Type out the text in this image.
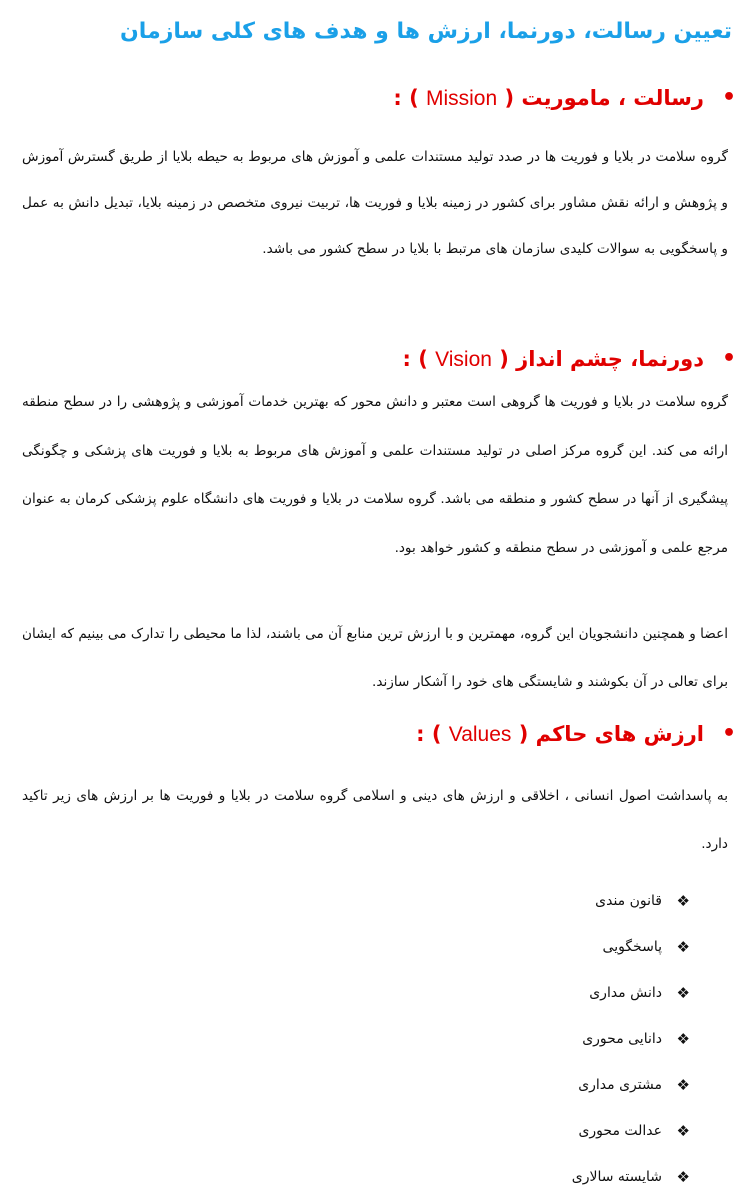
تعیین رسالت، دورنما، ارزش ها و هدف های کلی سازمان
•
رسالت ، ماموریت ( Mission ) :

گروه سلامت در بلایا و فوریت ها در صدد تولید مستندات علمی و آموزش های مربوط به حیطه بلایا از طریق گسترش آموزش و پژوهش و ارائه نقش مشاور برای کشور در زمینه بلایا و فوریت ها، تربیت نیروی متخصص در زمینه بلایا، تبدیل دانش به عمل و پاسخگویی به سوالات کلیدی سازمان های مرتبط با بلایا در سطح کشور می باشد.

•
دورنما، چشم انداز ( Vision ) :

گروه سلامت در بلایا و فوریت ها گروهی است معتبر و دانش محور که بهترین خدمات آموزشی و پژوهشی را در سطح منطقه ارائه می کند. این گروه مرکز اصلی در تولید مستندات علمی و آموزش های مربوط به بلایا و فوریت های پزشکی و چگونگی پیشگیری از آنها در سطح کشور و منطقه می باشد. گروه سلامت در بلایا و فوریت های دانشگاه علوم پزشکی کرمان به عنوان مرجع علمی و آموزشی در سطح منطقه و کشور خواهد بود.

اعضا و همچنین دانشجویان این گروه، مهمترین و با ارزش ترین منابع آن می باشند، لذا ما محیطی را تدارک می بینیم که ایشان برای تعالی در آن بکوشند و شایستگی های خود را آشکار سازند.

•
ارزش های حاکم ( Values ) :

به پاسداشت اصول انسانی ، اخلاقی و ارزش های دینی و اسلامی گروه سلامت در بلایا و فوریت ها بر ارزش های زیر تاکید دارد.

❖
قانون مندی
❖
پاسخگویی
❖
دانش مداری
❖
دانایی محوری
❖
مشتری مداری
❖
عدالت محوری
❖
شایسته سالاری
